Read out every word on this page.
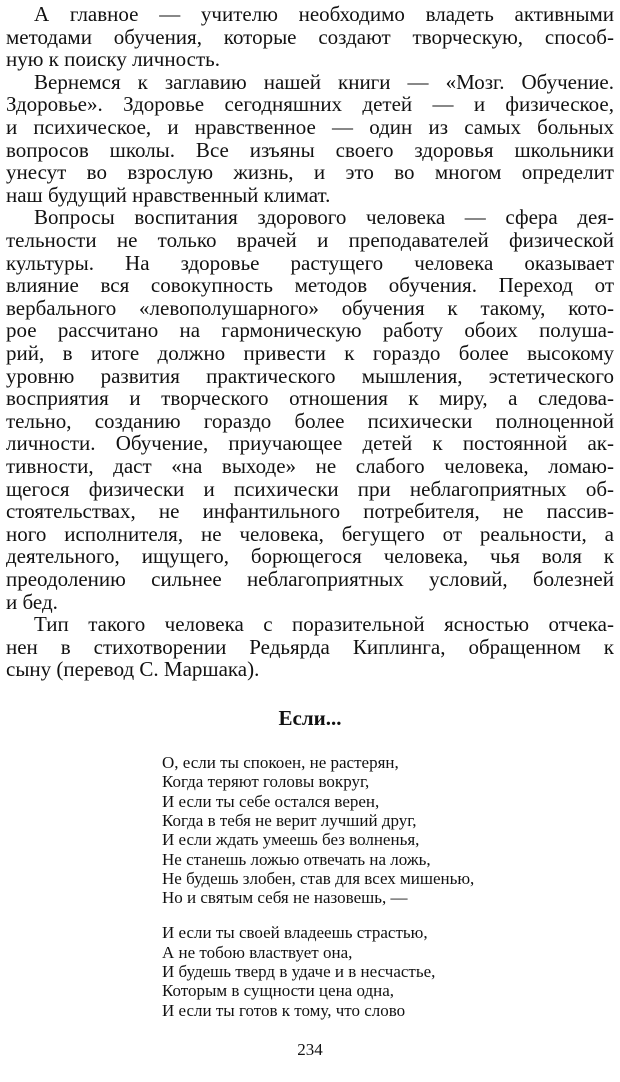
А главное — учителю необходимо владеть активными
методами обучения, которые создают творческую, способ-
ную к поиску личность.
Вернемся к заглавию нашей книги — «Мозг. Обучение.
Здоровье». Здоровье сегодняшних детей — и физическое,
и психическое, и нравственное — один из самых больных
вопросов школы. Все изъяны своего здоровья школьники
унесут во взрослую жизнь, и это во многом определит
наш будущий нравственный климат.
Вопросы воспитания здорового человека — сфера дея-
тельности не только врачей и преподавателей физической
культуры. На здоровье растущего человека оказывает
влияние вся совокупность методов обучения. Переход от
вербального «левополушарного» обучения к такому, кото-
рое рассчитано на гармоническую работу обоих полуша-
рий, в итоге должно привести к гораздо более высокому
уровню развития практического мышления, эстетического
восприятия и творческого отношения к миру, а следова-
тельно, созданию гораздо более психически полноценной
личности. Обучение, приучающее детей к постоянной ак-
тивности, даст «на выходе» не слабого человека, ломаю-
щегося физически и психически при неблагоприятных об-
стоятельствах, не инфантильного потребителя, не пассив-
ного исполнителя, не человека, бегущего от реальности, а
деятельного, ищущего, борющегося человека, чья воля к
преодолению сильнее неблагоприятных условий, болезней
и бед.
Тип такого человека с поразительной ясностью отчека-
нен в стихотворении Редьярда Киплинга, обращенном к
сыну (перевод С. Маршака).
Если...
О, если ты спокоен, не растерян,
Когда теряют головы вокруг,
И если ты себе остался верен,
Когда в тебя не верит лучший друг,
И если ждать умеешь без волненья,
Не станешь ложью отвечать на ложь,
Не будешь злобен, став для всех мишенью,
Но и святым себя не назовешь, —
И если ты своей владеешь страстью,
А не тобою властвует она,
И будешь тверд в удаче и в несчастье,
Которым в сущности цена одна,
И если ты готов к тому, что слово
234
